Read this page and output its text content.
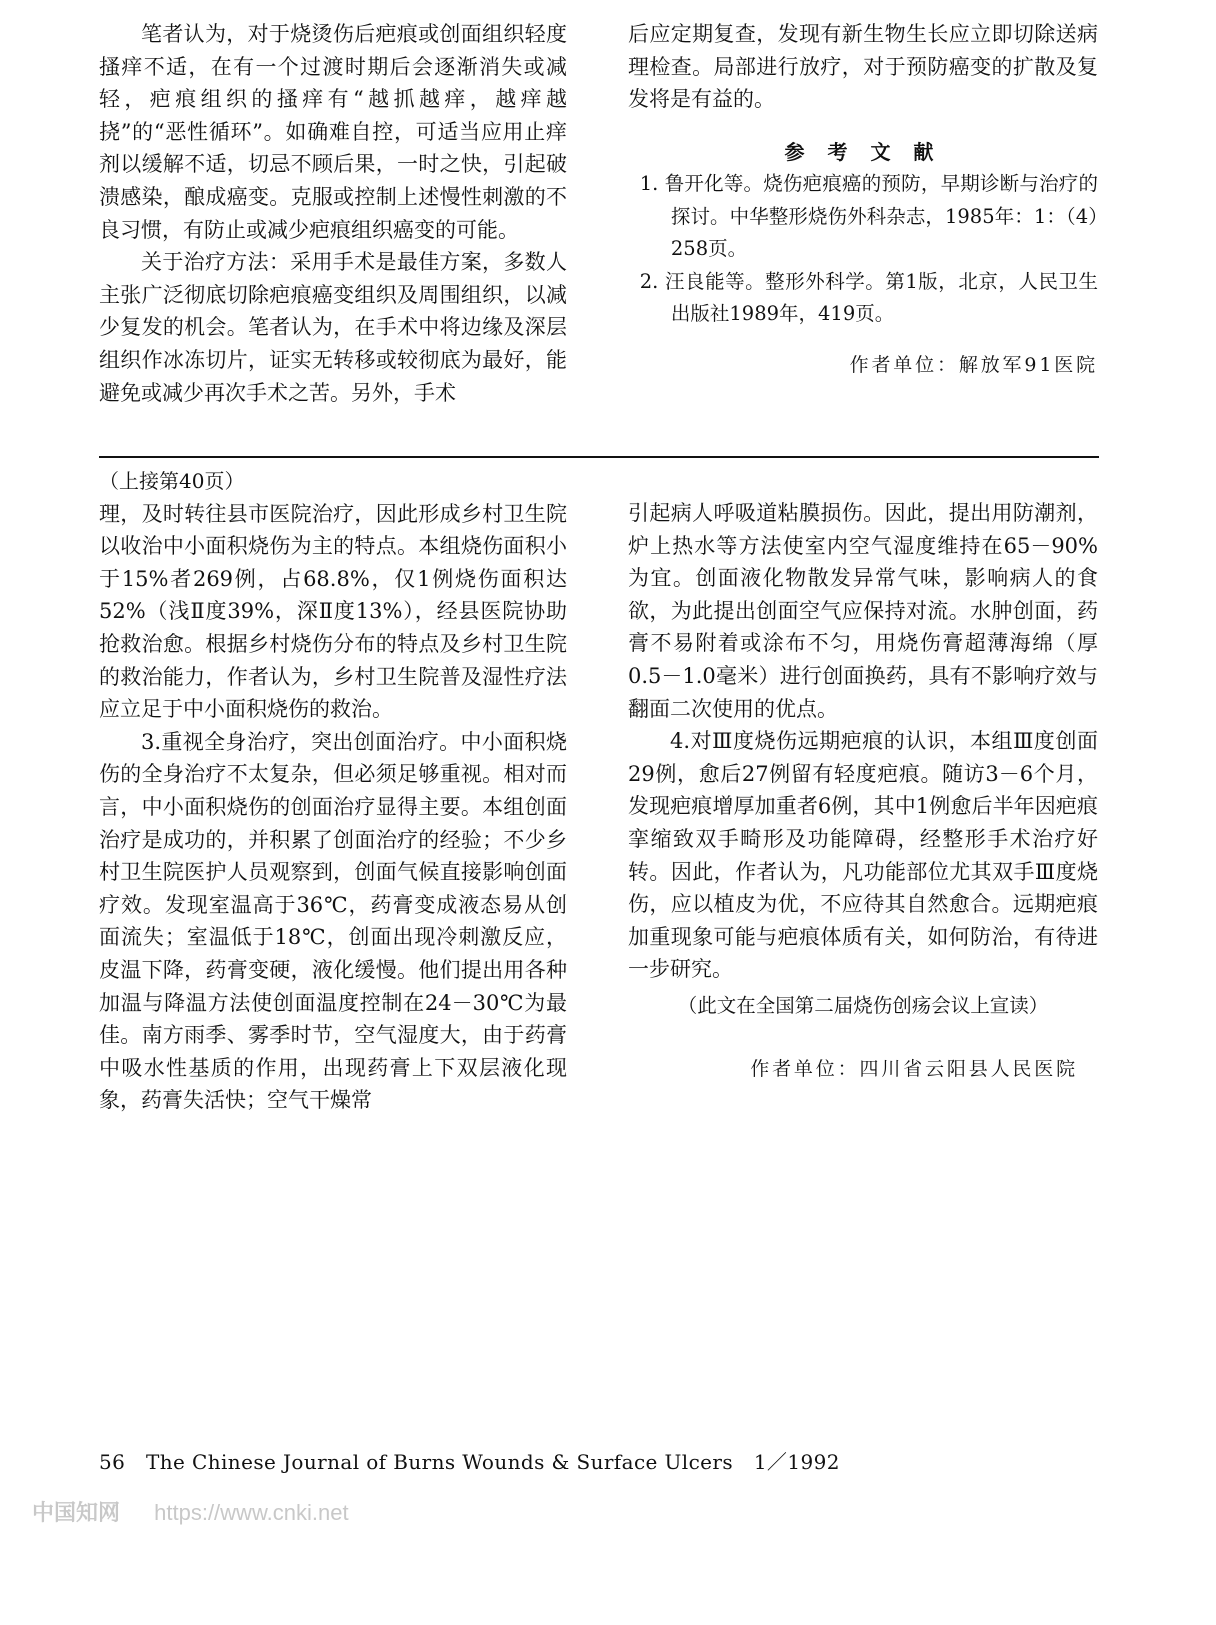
笔者认为，对于烧烫伤后疤痕或创面组织轻度搔痒不适，在有一个过渡时期后会逐渐消失或减轻，疤痕组织的搔痒有“越抓越痒，越痒越挠”的“恶性循环”。如确难自控，可适当应用止痒剂以缓解不适，切忌不顾后果，一时之快，引起破溃感染，酿成癌变。克服或控制上述慢性刺激的不良习惯，有防止或减少疤痕组织癌变的可能。

关于治疗方法：采用手术是最佳方案，多数人主张广泛彻底切除疤痕癌变组织及周围组织，以减少复发的机会。笔者认为，在手术中将边缘及深层组织作冰冻切片，证实无转移或较彻底为最好，能避免或减少再次手术之苦。另外，手术

后应定期复查，发现有新生物生长应立即切除送病理检查。局部进行放疗，对于预防癌变的扩散及复发将是有益的。

参 考 文 献

1. 鲁开化等。烧伤疤痕癌的预防，早期诊断与治疗的探讨。中华整形烧伤外科杂志，1985年：1：（4）258页。

2. 汪良能等。整形外科学。第1版，北京，人民卫生出版社1989年，419页。

作者单位：解放军91医院
（上接第40页）

理，及时转往县市医院治疗，因此形成乡村卫生院以收治中小面积烧伤为主的特点。本组烧伤面积小于15%者269例，占68.8%，仅1例烧伤面积达52%（浅Ⅱ度39%，深Ⅱ度13%），经县医院协助抢救治愈。根据乡村烧伤分布的特点及乡村卫生院的救治能力，作者认为，乡村卫生院普及湿性疗法应立足于中小面积烧伤的救治。

3.重视全身治疗，突出创面治疗。中小面积烧伤的全身治疗不太复杂，但必须足够重视。相对而言，中小面积烧伤的创面治疗显得主要。本组创面治疗是成功的，并积累了创面治疗的经验；不少乡村卫生院医护人员观察到，创面气候直接影响创面疗效。发现室温高于36℃，药膏变成液态易从创面流失；室温低于18℃，创面出现冷刺激反应，皮温下降，药膏变硬，液化缓慢。他们提出用各种加温与降温方法使创面温度控制在24－30℃为最佳。南方雨季、雾季时节，空气湿度大，由于药膏中吸水性基质的作用，出现药膏上下双层液化现象，药膏失活快；空气干燥常

引起病人呼吸道粘膜损伤。因此，提出用防潮剂，炉上热水等方法使室内空气湿度维持在65－90%为宜。创面液化物散发异常气味，影响病人的食欲，为此提出创面空气应保持对流。水肿创面，药膏不易附着或涂布不匀，用烧伤膏超薄海绵（厚0.5－1.0毫米）进行创面换药，具有不影响疗效与翻面二次使用的优点。

4.对Ⅲ度烧伤远期疤痕的认识，本组Ⅲ度创面29例，愈后27例留有轻度疤痕。随访3－6个月，发现疤痕增厚加重者6例，其中1例愈后半年因疤痕挛缩致双手畸形及功能障碍，经整形手术治疗好转。因此，作者认为，凡功能部位尤其双手Ⅲ度烧伤，应以植皮为优，不应待其自然愈合。远期疤痕加重现象可能与疤痕体质有关，如何防治，有待进一步研究。

（此文在全国第二届烧伤创疡会议上宣读）
作者单位：四川省云阳县人民医院
56 The Chinese Journal of Burns Wounds & Surface Ulcers 1／1992
中国知网 https://www.cnki.net
